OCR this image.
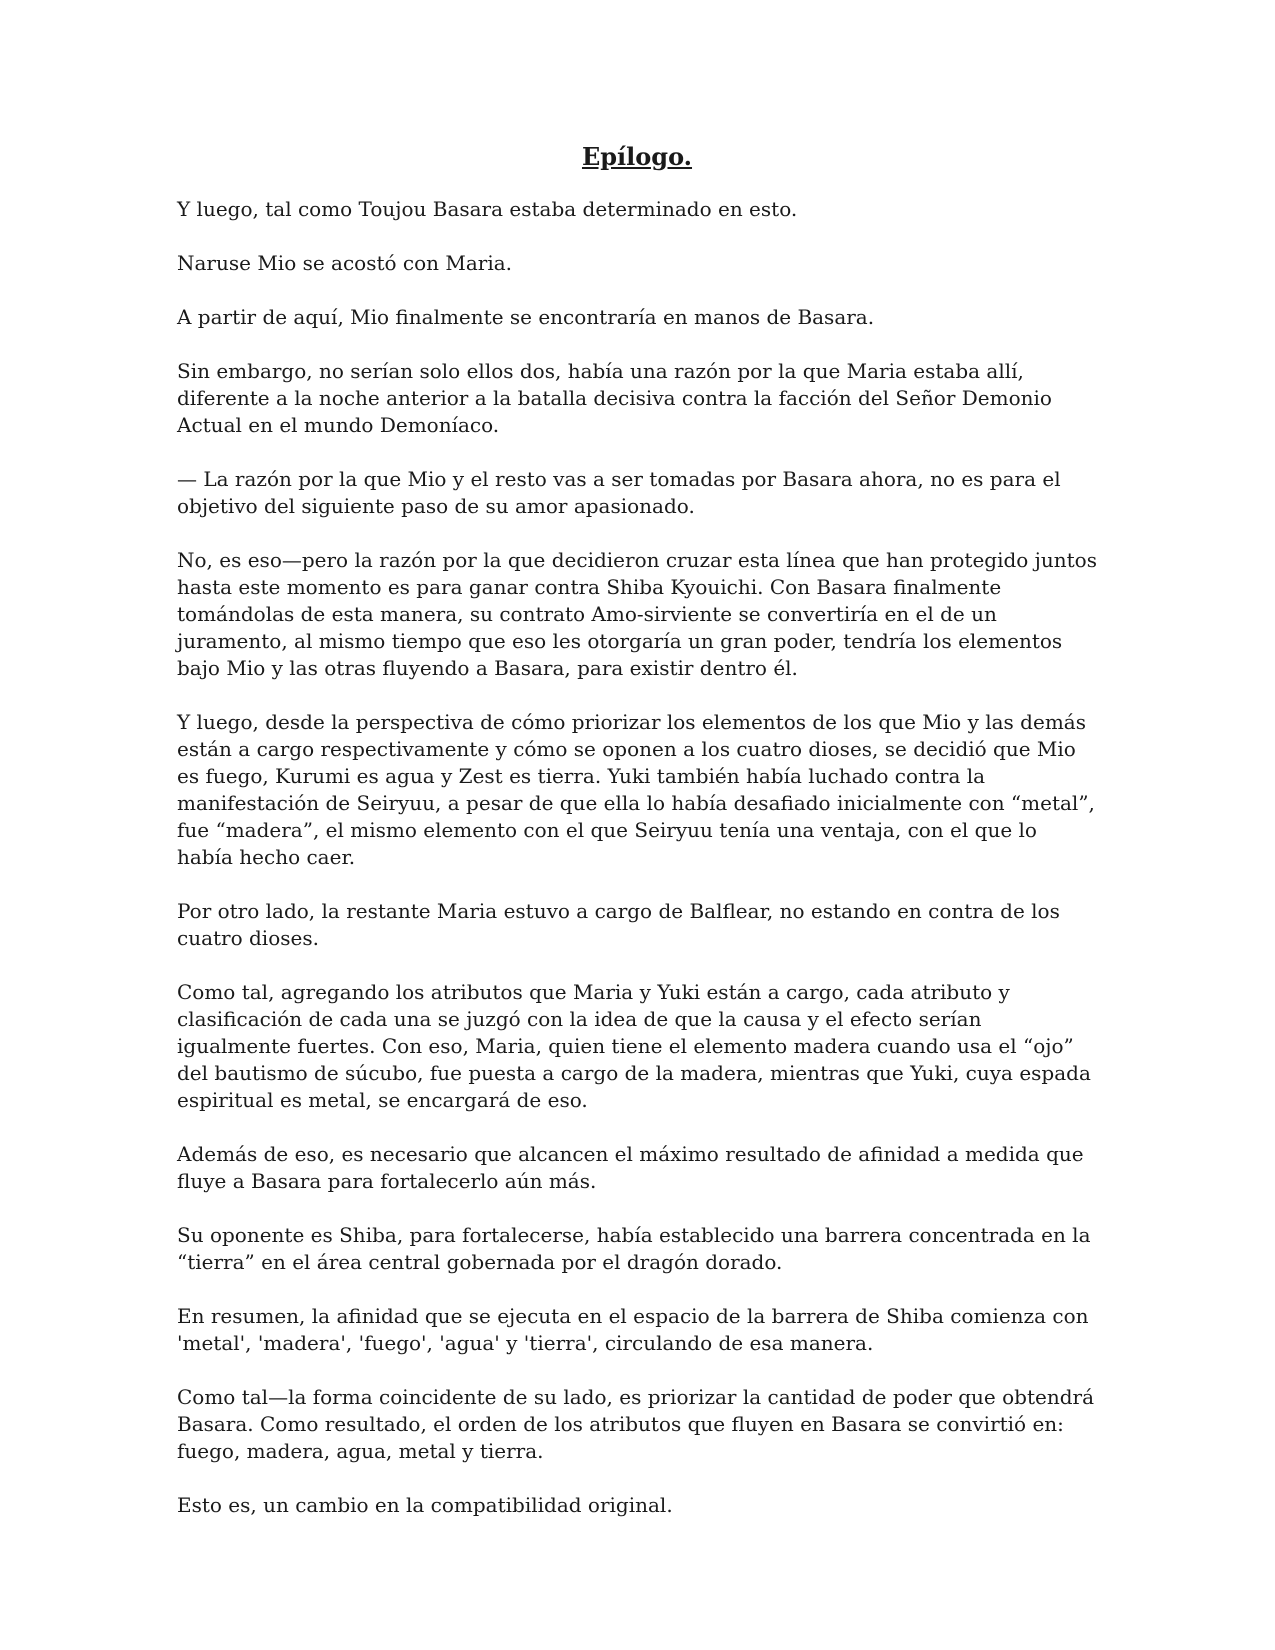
Epílogo.

Y luego, tal como Toujou Basara estaba determinado en esto.

Naruse Mio se acostó con Maria.

A partir de aquí, Mio finalmente se encontraría en manos de Basara.

Sin embargo, no serían solo ellos dos, había una razón por la que Maria estaba allí, diferente a la noche anterior a la batalla decisiva contra la facción del Señor Demonio Actual en el mundo Demoníaco.

— La razón por la que Mio y el resto vas a ser tomadas por Basara ahora, no es para el objetivo del siguiente paso de su amor apasionado.

No, es eso—pero la razón por la que decidieron cruzar esta línea que han protegido juntos hasta este momento es para ganar contra Shiba Kyouichi. Con Basara finalmente tomándolas de esta manera, su contrato Amo-sirviente se convertiría en el de un juramento, al mismo tiempo que eso les otorgaría un gran poder, tendría los elementos bajo Mio y las otras fluyendo a Basara, para existir dentro él.

Y luego, desde la perspectiva de cómo priorizar los elementos de los que Mio y las demás están a cargo respectivamente y cómo se oponen a los cuatro dioses, se decidió que Mio es fuego, Kurumi es agua y Zest es tierra. Yuki también había luchado contra la manifestación de Seiryuu, a pesar de que ella lo había desafiado inicialmente con “metal”, fue “madera”, el mismo elemento con el que Seiryuu tenía una ventaja, con el que lo había hecho caer.

Por otro lado, la restante Maria estuvo a cargo de Balflear, no estando en contra de los cuatro dioses.

Como tal, agregando los atributos que Maria y Yuki están a cargo, cada atributo y clasificación de cada una se juzgó con la idea de que la causa y el efecto serían igualmente fuertes. Con eso, Maria, quien tiene el elemento madera cuando usa el “ojo” del bautismo de súcubo, fue puesta a cargo de la madera, mientras que Yuki, cuya espada espiritual es metal, se encargará de eso.

Además de eso, es necesario que alcancen el máximo resultado de afinidad a medida que fluye a Basara para fortalecerlo aún más.

Su oponente es Shiba, para fortalecerse, había establecido una barrera concentrada en la “tierra” en el área central gobernada por el dragón dorado.

En resumen, la afinidad que se ejecuta en el espacio de la barrera de Shiba comienza con 'metal', 'madera', 'fuego', 'agua' y 'tierra', circulando de esa manera.

Como tal—la forma coincidente de su lado, es priorizar la cantidad de poder que obtendrá Basara. Como resultado, el orden de los atributos que fluyen en Basara se convirtió en: fuego, madera, agua, metal y tierra.

Esto es, un cambio en la compatibilidad original.
